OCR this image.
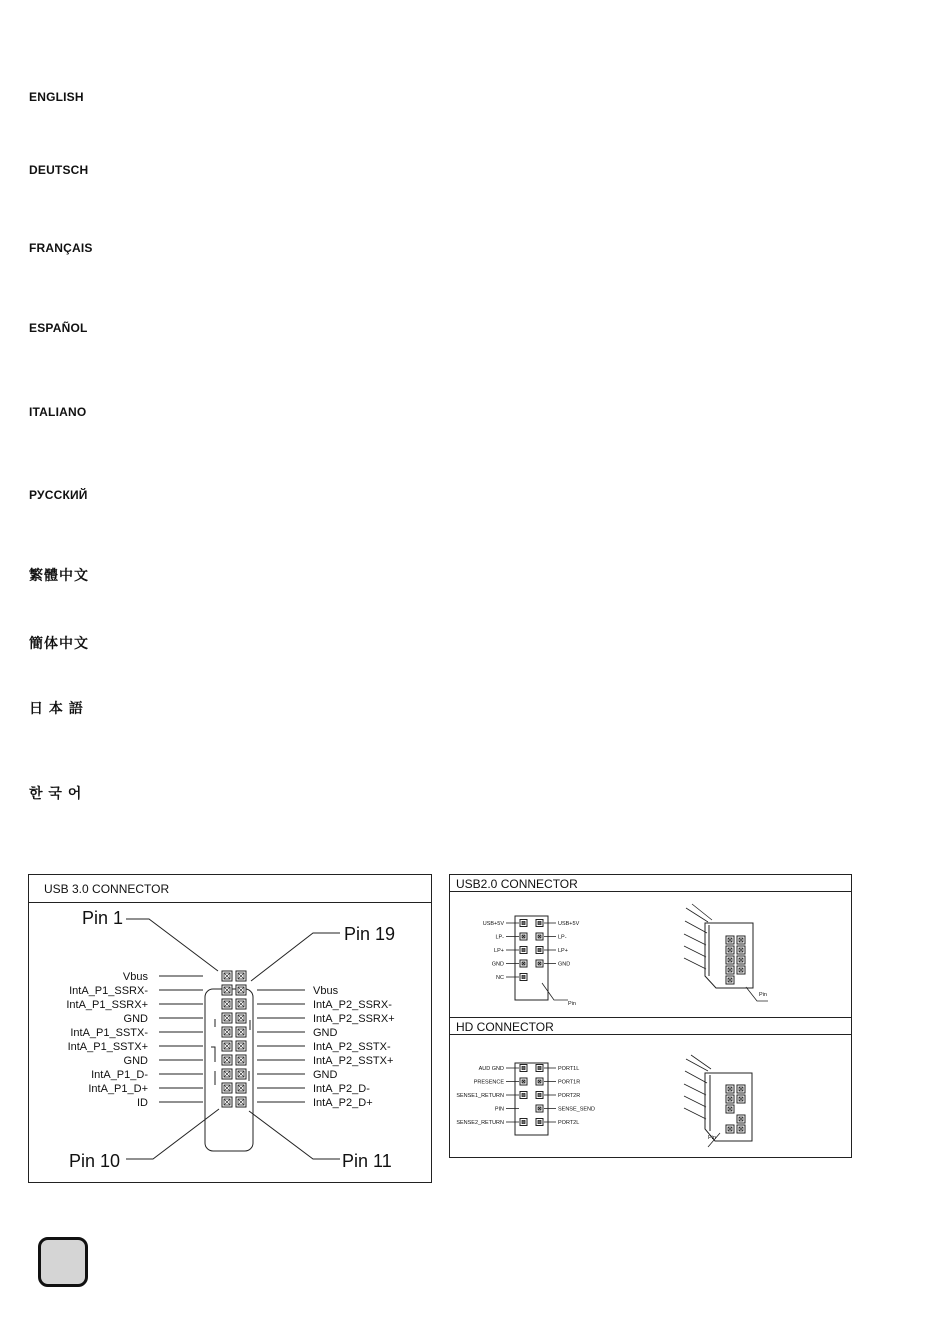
ENGLISH
DEUTSCH
FRANÇAIS
ESPAÑOL
ITALIANO
РУССКИЙ
繁體中文
簡体中文
日 本 語
한 국 어
USB 3.0 CONNECTOR
Pin 1
Pin 19
Pin 10	Pin 11
Vbus
IntA_P1_SSRX-
IntA_P1_SSRX+
GND
IntA_P1_SSTX-
IntA_P1_SSTX+
GND
IntA_P1_D-
IntA_P1_D+
ID
Vbus
IntA_P2_SSRX-
IntA_P2_SSRX+
GND
IntA_P2_SSTX-
IntA_P2_SSTX+
GND
IntA_P2_D-
IntA_P2_D+
USB2.0 CONNECTOR
HD CONNECTOR
USB+5V
LP-
LP+
GND
NC
USB+5V
LP-
LP+
GND
Pin
Pin
AUD GND
PRESENCE
SENSE1_RETURN
PIN
SENSE2_RETURN
PORT1L
PORT1R
PORT2R
SENSE_SEND
PORT2L
Pin
